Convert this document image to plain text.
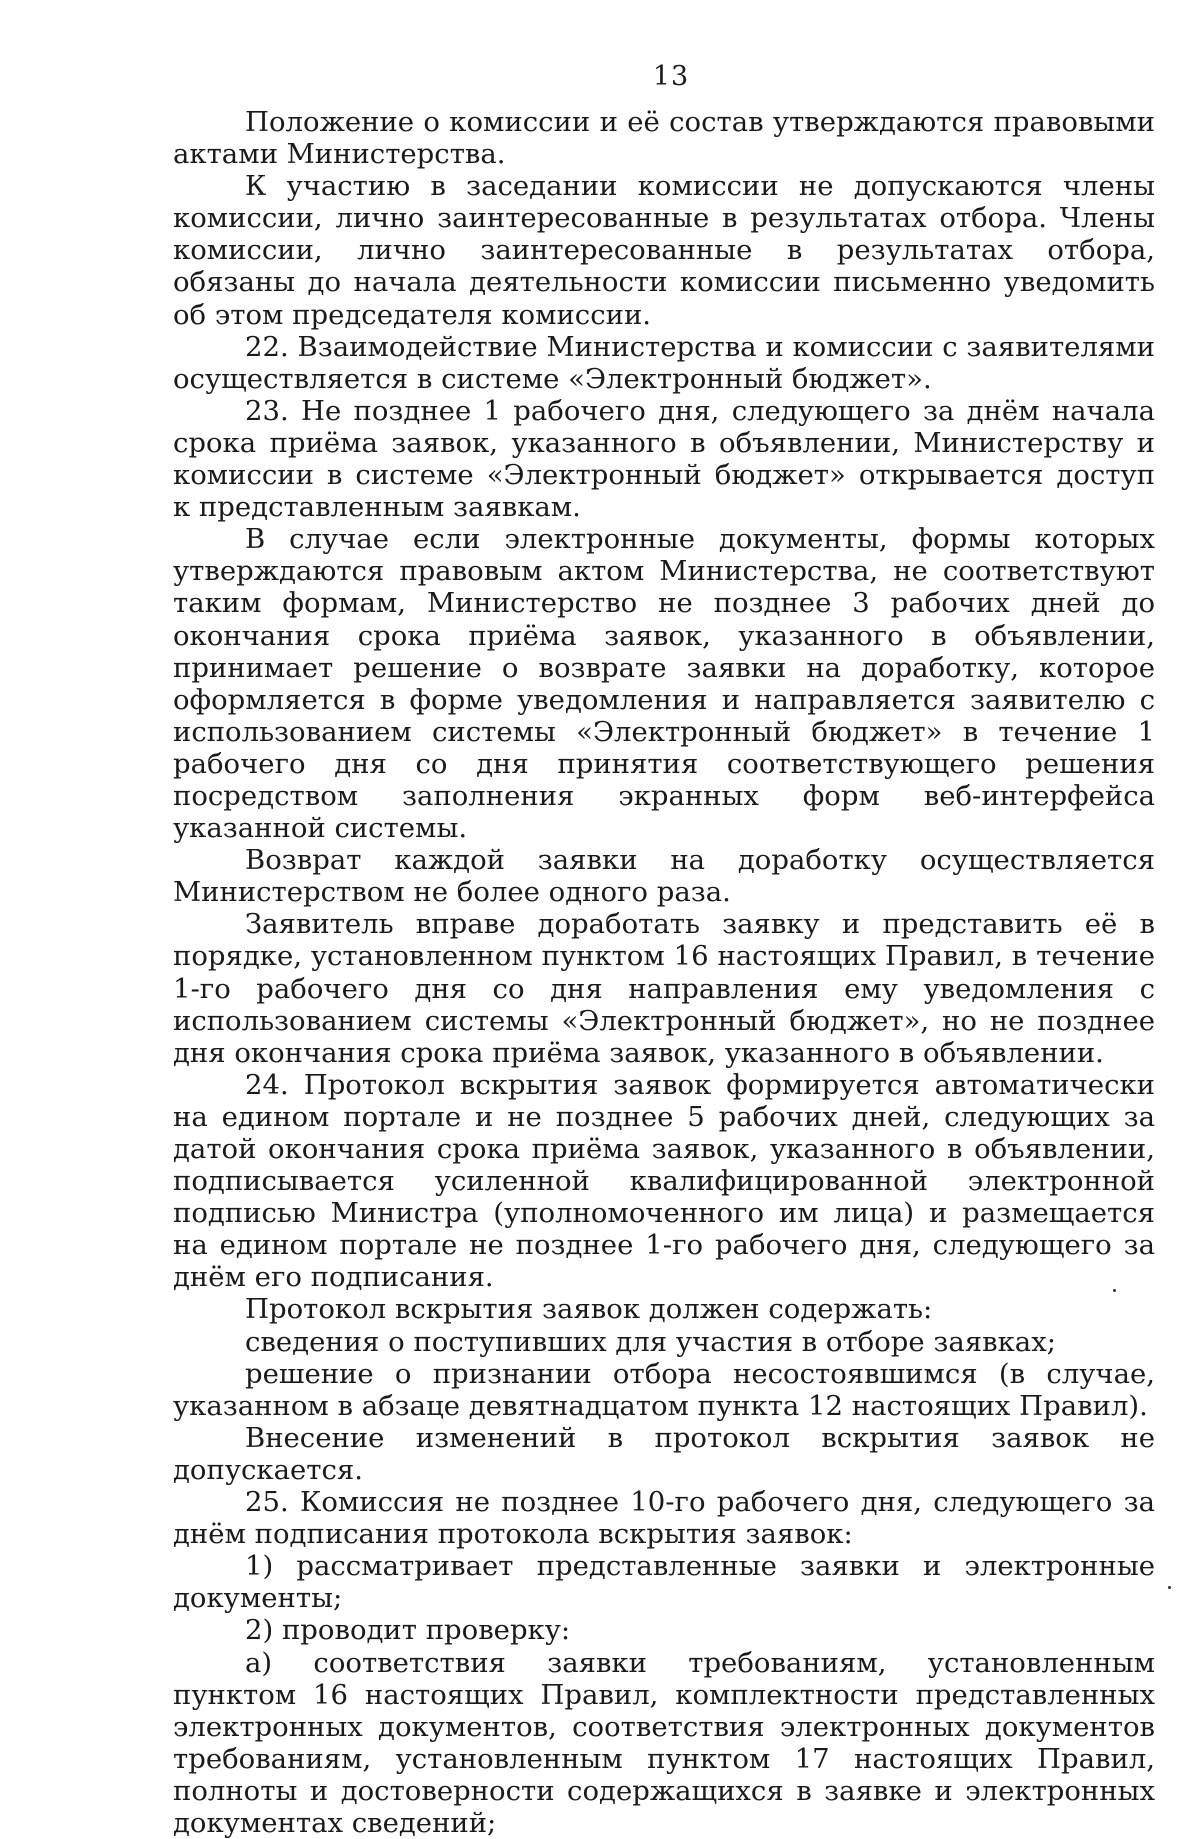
13

Положение о комиссии и её состав утверждаются правовыми актами Министерства.

К участию в заседании комиссии не допускаются члены комиссии, лично заинтересованные в результатах отбора. Члены комиссии, лично заинтересованные в результатах отбора, обязаны до начала деятельности комиссии письменно уведомить об этом председателя комиссии.

22. Взаимодействие Министерства и комиссии с заявителями осуществляется в системе «Электронный бюджет».

23. Не позднее 1 рабочего дня, следующего за днём начала срока приёма заявок, указанного в объявлении, Министерству и комиссии в системе «Электронный бюджет» открывается доступ к представленным заявкам.

В случае если электронные документы, формы которых утверждаются правовым актом Министерства, не соответствуют таким формам, Министерство не позднее 3 рабочих дней до окончания срока приёма заявок, указанного в объявлении, принимает решение о возврате заявки на доработку, которое оформляется в форме уведомления и направляется заявителю с использованием системы «Электронный бюджет» в течение 1 рабочего дня со дня принятия соответствующего решения посредством заполнения экранных форм веб-интерфейса указанной системы.

Возврат каждой заявки на доработку осуществляется Министерством не более одного раза.

Заявитель вправе доработать заявку и представить её в порядке, установленном пунктом 16 настоящих Правил, в течение 1-го рабочего дня со дня направления ему уведомления с использованием системы «Электронный бюджет», но не позднее дня окончания срока приёма заявок, указанного в объявлении.

24. Протокол вскрытия заявок формируется автоматически на едином портале и не позднее 5 рабочих дней, следующих за датой окончания срока приёма заявок, указанного в объявлении, подписывается усиленной квалифицированной электронной подписью Министра (уполномоченного им лица) и размещается на едином портале не позднее 1-го рабочего дня, следующего за днём его подписания.

Протокол вскрытия заявок должен содержать:

сведения о поступивших для участия в отборе заявках;

решение о признании отбора несостоявшимся (в случае, указанном в абзаце девятнадцатом пункта 12 настоящих Правил).

Внесение изменений в протокол вскрытия заявок не допускается.

25. Комиссия не позднее 10-го рабочего дня, следующего за днём подписания протокола вскрытия заявок:

1) рассматривает представленные заявки и электронные документы;

2) проводит проверку:

а) соответствия заявки требованиям, установленным пунктом 16 настоящих Правил, комплектности представленных электронных документов, соответствия электронных документов требованиям, установленным пунктом 17 настоящих Правил, полноты и достоверности содержащихся в заявке и электронных документах сведений;
